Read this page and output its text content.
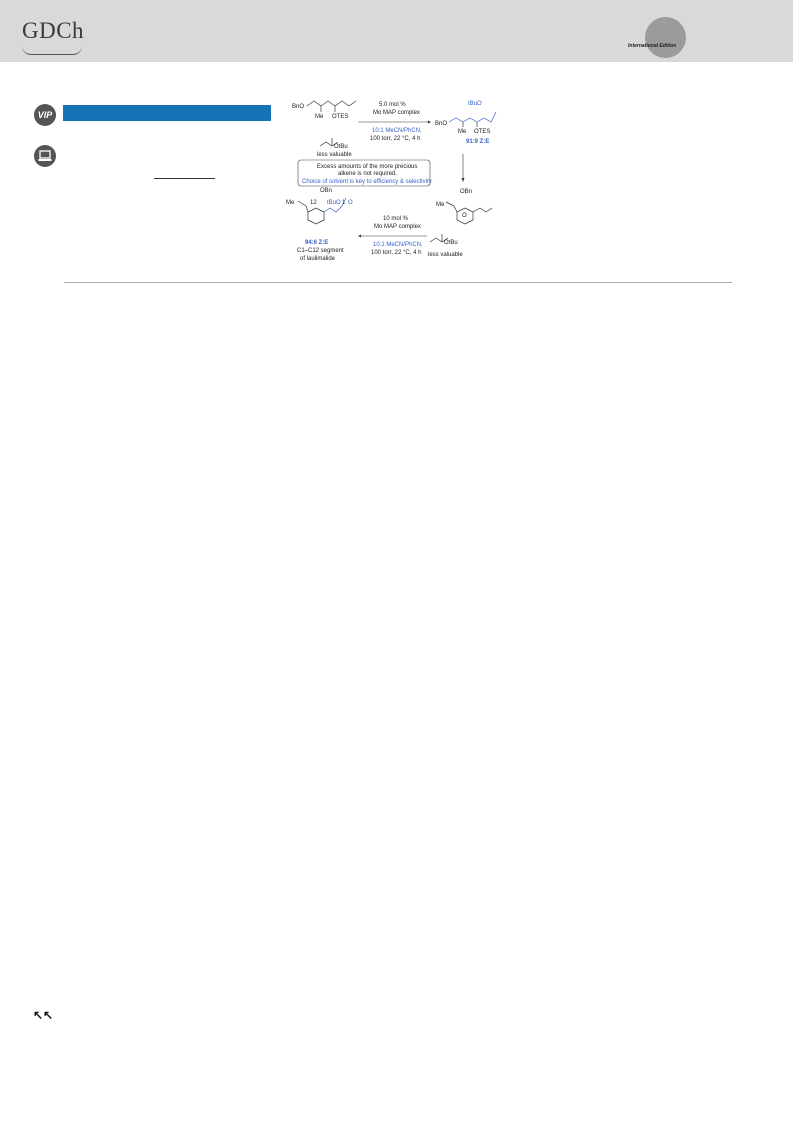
GDCh
International Edition
VIP
BnO
Me OTES
OtBu
less valuable
5.0 mol %
Mo MAP complex
10:1 MeCN/PhCN,
100 torr, 22 °C, 4 h
tBuO
BnO
Me OTES
91:9 Z:E
Excess amounts of the more precious
alkene is not required.
Choice of solvent is key to efficiency & selectivity.
OBn
Me
O
OtBu
less valuable
10 mol %
Mo MAP complex
10:1 MeCN/PhCN,
100 torr, 22 °C, 4 h
OBn
Me	12 tBuO 1 O
94:6 Z:E
C1–C12 segment
of laulimalide
↖↖
